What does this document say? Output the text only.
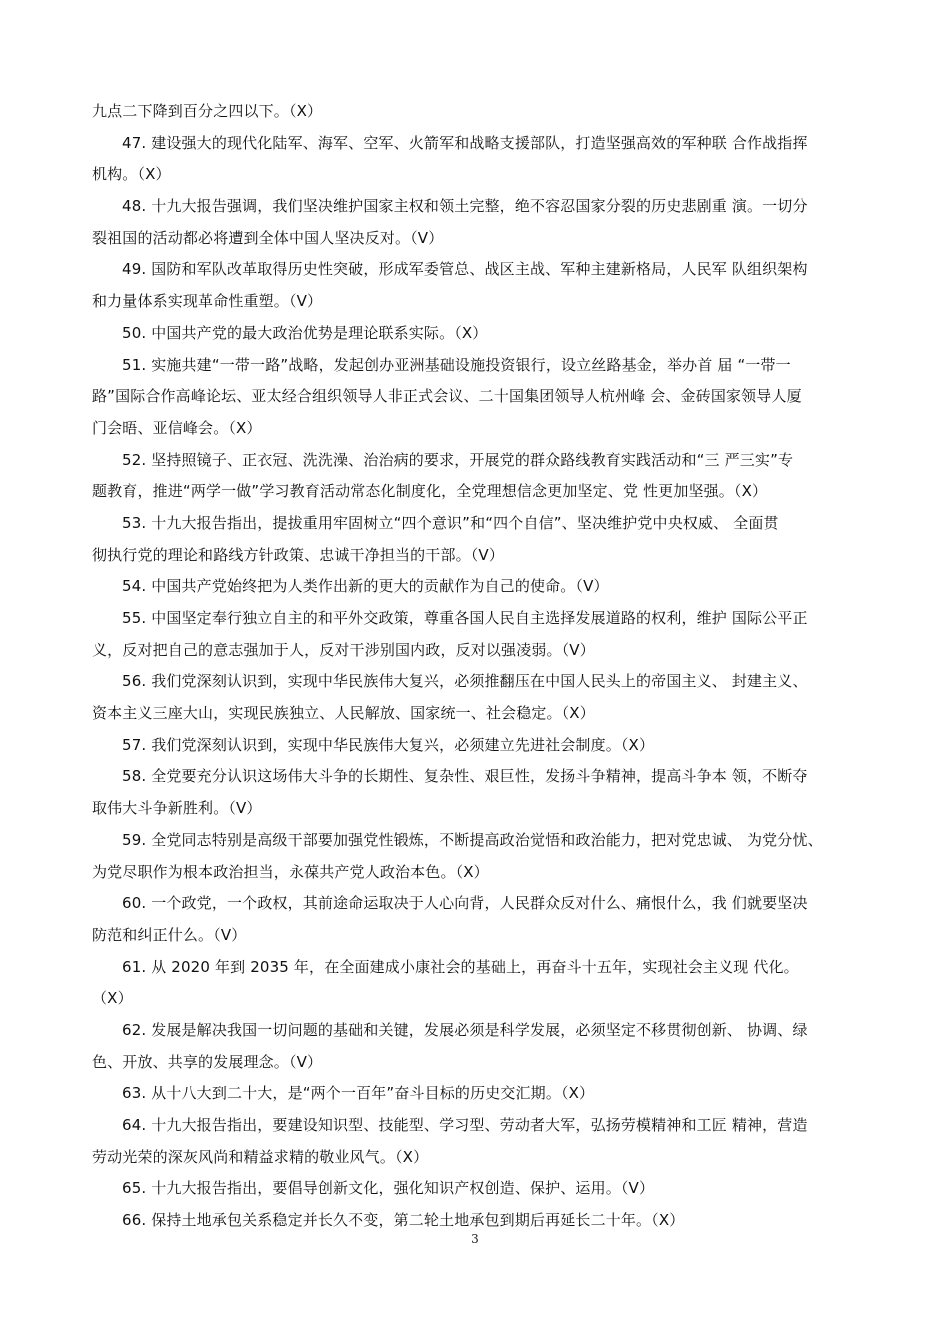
九点二下降到百分之四以下。（X）
47. 建设强大的现代化陆军、海军、空军、火箭军和战略支援部队，打造坚强高效的军种联 合作战指挥
机构。（X）
48. 十九大报告强调，我们坚决维护国家主权和领土完整，绝不容忍国家分裂的历史悲剧重 演。一切分
裂祖国的活动都必将遭到全体中国人坚决反对。（V）
49. 国防和军队改革取得历史性突破，形成军委管总、战区主战、军种主建新格局，人民军 队组织架构
和力量体系实现革命性重塑。（V）
50. 中国共产党的最大政治优势是理论联系实际。（X）
51. 实施共建“一带一路”战略，发起创办亚洲基础设施投资银行，设立丝路基金，举办首 届 “一带一
路”国际合作高峰论坛、亚太经合组织领导人非正式会议、二十国集团领导人杭州峰 会、金砖国家领导人厦
门会晤、亚信峰会。（X）
52. 坚持照镜子、正衣冠、洗洗澡、治治病的要求，开展党的群众路线教育实践活动和“三 严三实”专
题教育，推进“两学一做”学习教育活动常态化制度化，全党理想信念更加坚定、党 性更加坚强。（X）
53. 十九大报告指出，提拔重用牢固树立“四个意识”和“四个自信”、坚决维护党中央权威、 全面贯
彻执行党的理论和路线方针政策、忠诚干净担当的干部。（V）
54. 中国共产党始终把为人类作出新的更大的贡献作为自己的使命。（V）
55. 中国坚定奉行独立自主的和平外交政策，尊重各国人民自主选择发展道路的权利，维护 国际公平正
义，反对把自己的意志强加于人，反对干涉别国内政，反对以强凌弱。（V）
56. 我们党深刻认识到，实现中华民族伟大复兴，必须推翻压在中国人民头上的帝国主义、 封建主义、
资本主义三座大山，实现民族独立、人民解放、国家统一、社会稳定。（X）
57. 我们党深刻认识到，实现中华民族伟大复兴，必须建立先进社会制度。（X）
58. 全党要充分认识这场伟大斗争的长期性、复杂性、艰巨性，发扬斗争精神，提高斗争本 领，不断夺
取伟大斗争新胜利。（V）
59. 全党同志特别是高级干部要加强党性锻炼，不断提高政治觉悟和政治能力，把对党忠诚、 为党分忧、
为党尽职作为根本政治担当，永葆共产党人政治本色。（X）
60. 一个政党，一个政权，其前途命运取决于人心向背，人民群众反对什么、痛恨什么，我 们就要坚决
防范和纠正什么。（V）
61. 从 2020 年到 2035 年，在全面建成小康社会的基础上，再奋斗十五年，实现社会主义现 代化。
（X）
62. 发展是解决我国一切问题的基础和关键，发展必须是科学发展，必须坚定不移贯彻创新、 协调、绿
色、开放、共享的发展理念。（V）
63. 从十八大到二十大，是“两个一百年”奋斗目标的历史交汇期。（X）
64. 十九大报告指出，要建设知识型、技能型、学习型、劳动者大军，弘扬劳模精神和工匠 精神，营造
劳动光荣的深灰风尚和精益求精的敬业风气。（X）
65. 十九大报告指出，要倡导创新文化，强化知识产权创造、保护、运用。（V）
66. 保持土地承包关系稳定并长久不变，第二轮土地承包到期后再延长二十年。（X）
3
